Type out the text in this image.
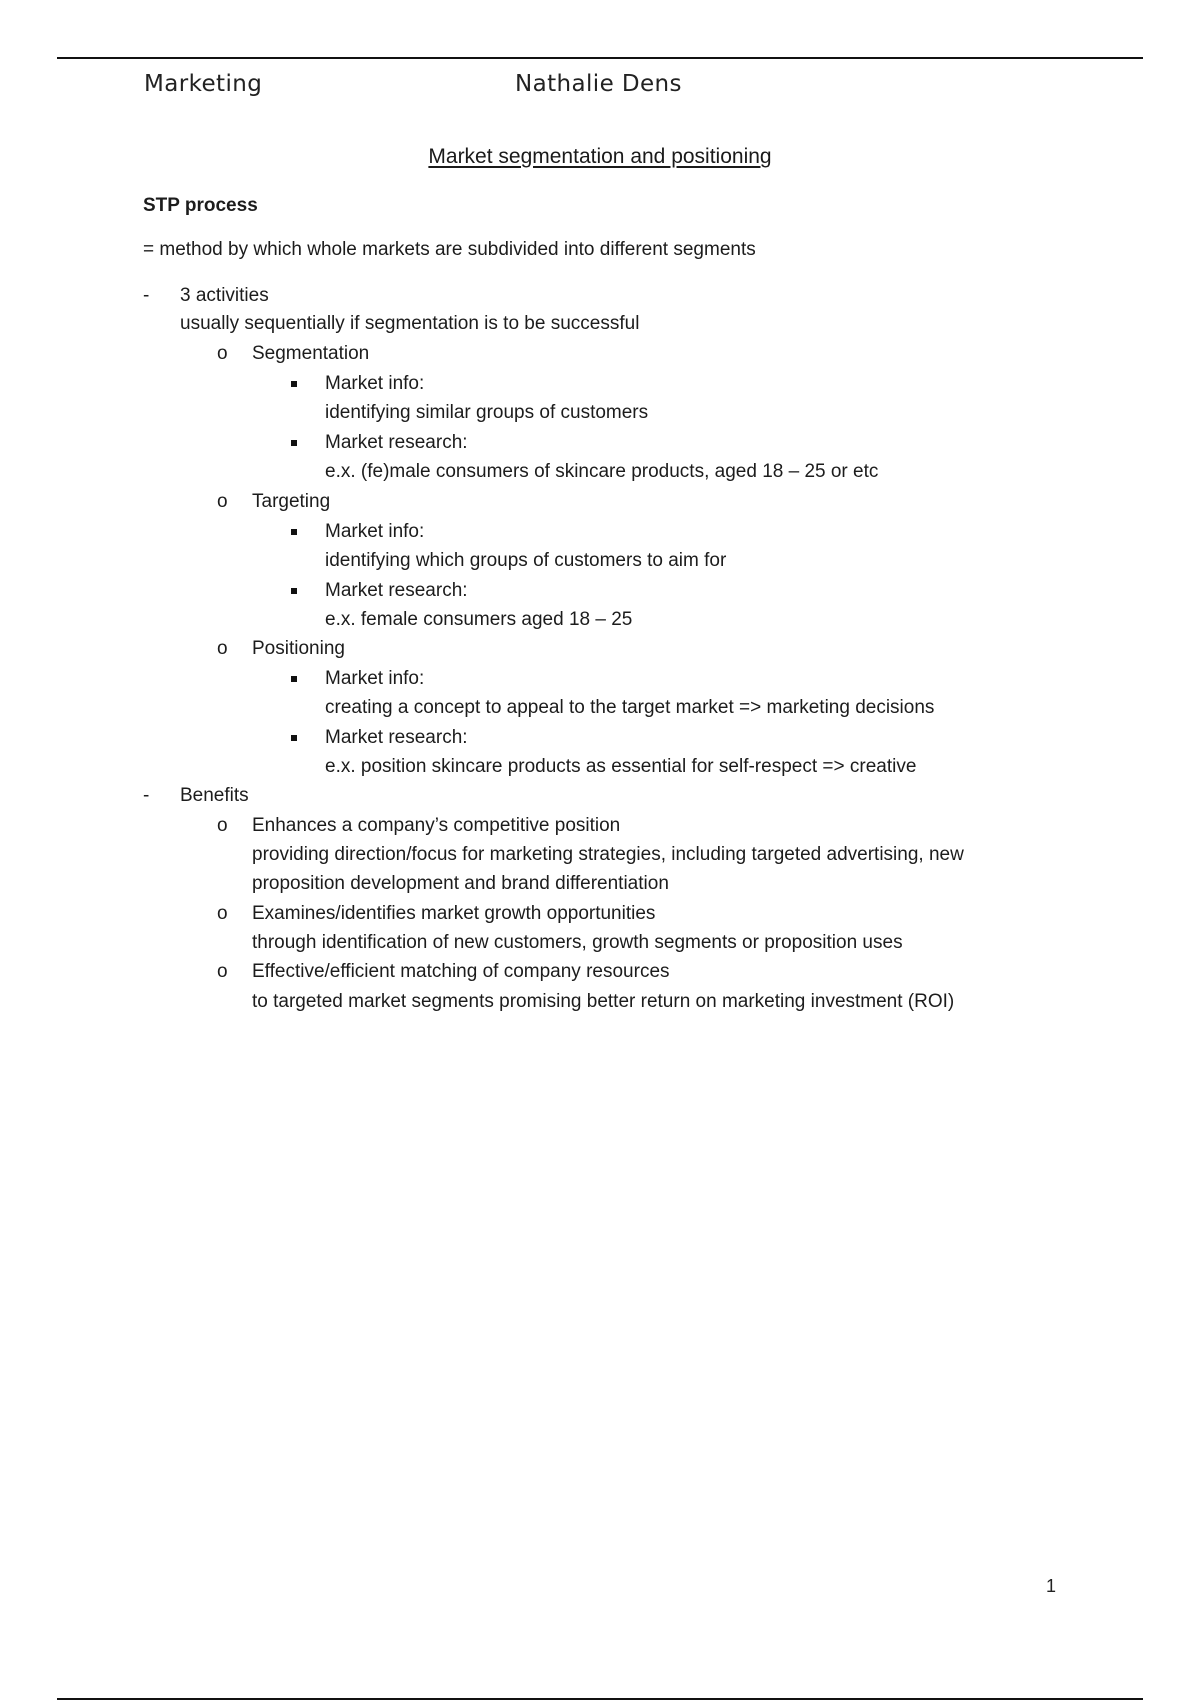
Marketing	Nathalie Dens
Market segmentation and positioning
STP process
= method by which whole markets are subdivided into different segments
- 3 activities
usually sequentially if segmentation is to be successful
o Segmentation
Market info:
identifying similar groups of customers
Market research:
e.x. (fe)male consumers of skincare products, aged 18 – 25 or etc
o Targeting
Market info:
identifying which groups of customers to aim for
Market research:
e.x. female consumers aged 18 – 25
o Positioning
Market info:
creating a concept to appeal to the target market => marketing decisions
Market research:
e.x. position skincare products as essential for self-respect => creative
- Benefits
o Enhances a company’s competitive position
providing direction/focus for marketing strategies, including targeted advertising, new
proposition development and brand differentiation
o Examines/identifies market growth opportunities
through identification of new customers, growth segments or proposition uses
o Effective/efficient matching of company resources
to targeted market segments promising better return on marketing investment (ROI)
1
